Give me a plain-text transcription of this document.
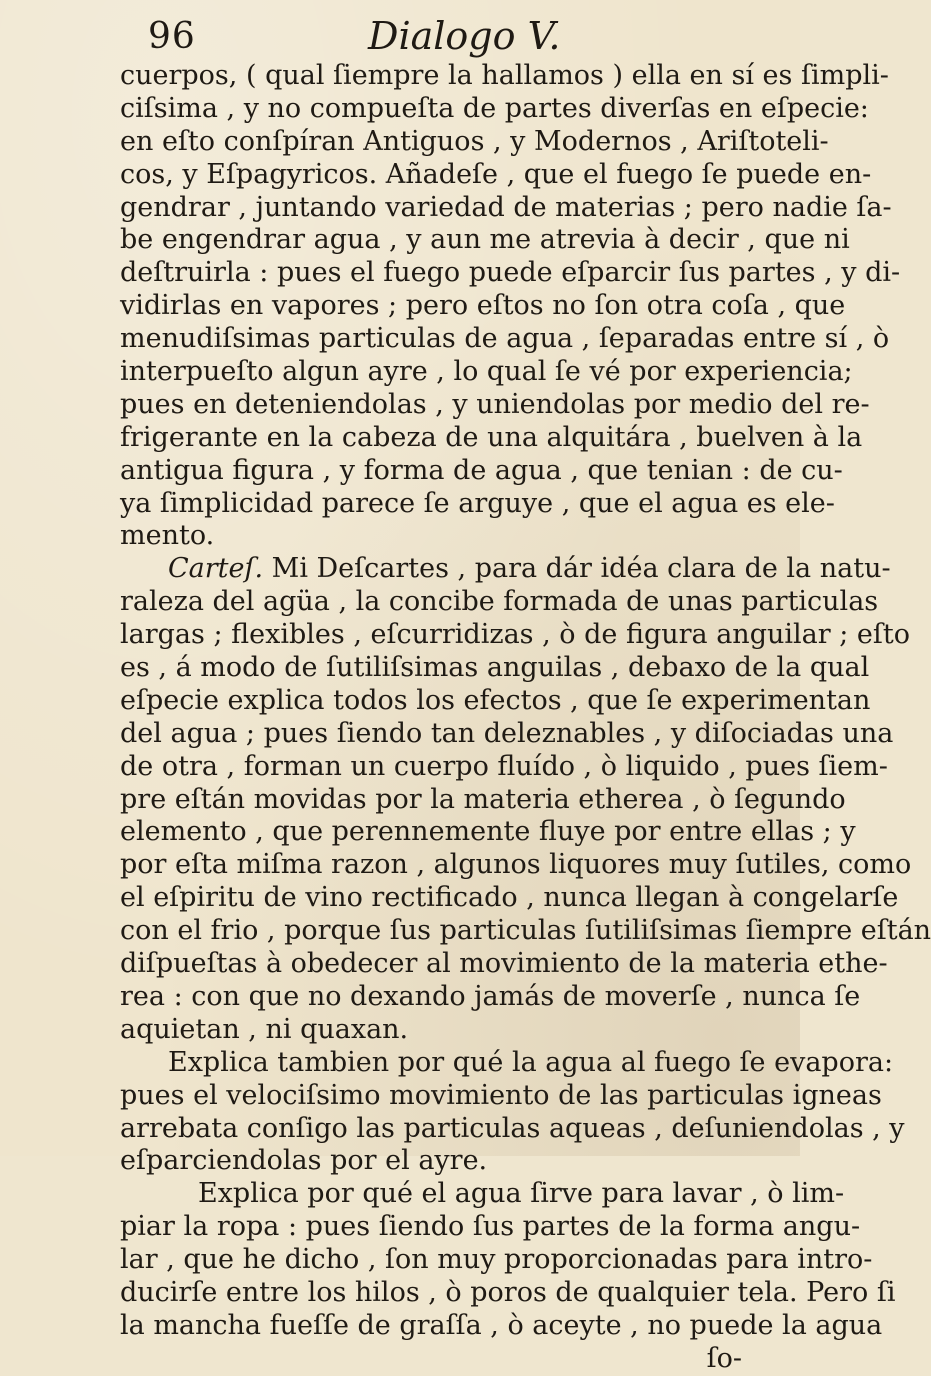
96	Dialogo V.
cuerpos, ( qual ſiempre la hallamos ) ella en sí es ſimpli-
ciſsima , y no compueſta de partes diverſas en eſpecie:
en eſto conſpíran Antiguos , y Modernos , Ariſtoteli-
cos, y Eſpagyricos. Añadeſe , que el fuego ſe puede en-
gendrar , juntando variedad de materias ; pero nadie ſa-
be engendrar agua , y aun me atrevia à decir , que ni
deſtruirla : pues el fuego puede eſparcir ſus partes , y di-
vidirlas en vapores ; pero eſtos no ſon otra coſa , que
menudiſsimas particulas de agua , ſeparadas entre sí , ò
interpueſto algun ayre , lo qual ſe vé por experiencia;
pues en deteniendolas , y uniendolas por medio del re-
frigerante en la cabeza de una alquitára , buelven à la
antigua figura , y forma de agua , que tenian : de cu-
ya ſimplicidad parece ſe arguye , que el agua es ele-
mento.
Carteſ. Mi Deſcartes , para dár idéa clara de la natu-
raleza del agüa , la concibe formada de unas particulas
largas ; flexibles , eſcurridizas , ò de figura anguilar ; eſto
es , á modo de ſutiliſsimas anguilas , debaxo de la qual
eſpecie explica todos los efectos , que ſe experimentan
del agua ; pues ſiendo tan deleznables , y diſociadas una
de otra , forman un cuerpo fluído , ò liquido , pues ſiem-
pre eſtán movidas por la materia etherea , ò ſegundo
elemento , que perennemente fluye por entre ellas ; y
por eſta miſma razon , algunos liquores muy ſutiles, como
el eſpiritu de vino rectificado , nunca llegan à congelarſe
con el frio , porque ſus particulas ſutiliſsimas ſiempre eſtán
diſpueſtas à obedecer al movimiento de la materia ethe-
rea : con que no dexando jamás de moverſe , nunca ſe
aquietan , ni quaxan.
Explica tambien por qué la agua al fuego ſe evapora:
pues el velociſsimo movimiento de las particulas igneas
arrebata conſigo las particulas aqueas , deſuniendolas , y
eſparciendolas por el ayre.
Explica por qué el agua ſirve para lavar , ò lim-
piar la ropa : pues ſiendo ſus partes de la forma angu-
lar , que he dicho , ſon muy proporcionadas para intro-
ducirſe entre los hilos , ò poros de qualquier tela. Pero ſi
la mancha fueſſe de graſſa , ò aceyte , no puede la agua
ſo-
